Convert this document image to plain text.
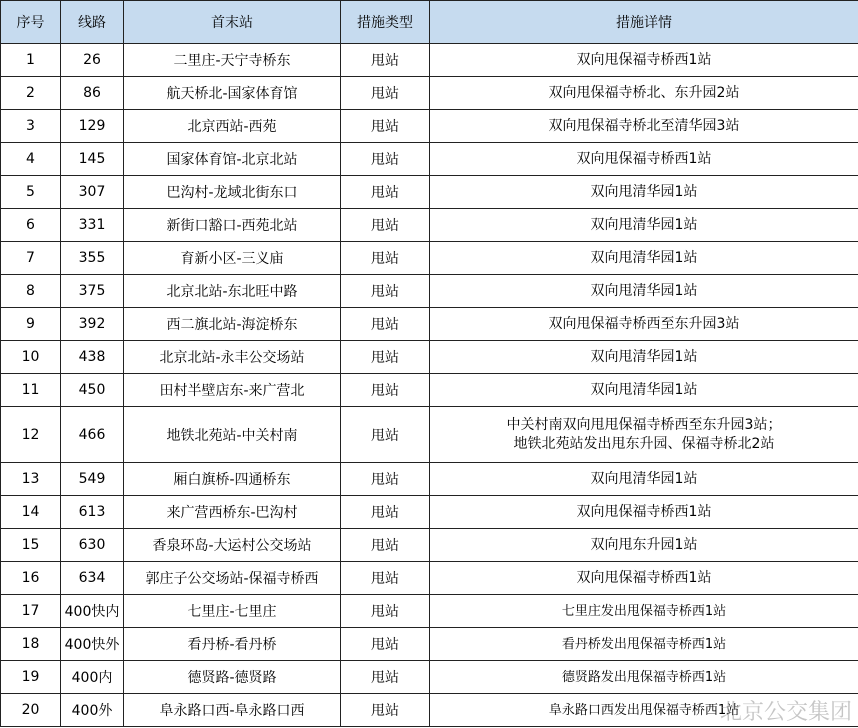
序号	线路	首末站	措施类型	措施详情
1	26	二里庄-天宁寺桥东	甩站	双向甩保福寺桥西1站
2	86	航天桥北-国家体育馆	甩站	双向甩保福寺桥北、东升园2站
3	129	北京西站-西苑	甩站	双向甩保福寺桥北至清华园3站
4	145	国家体育馆-北京北站	甩站	双向甩保福寺桥西1站
5	307	巴沟村-龙域北街东口	甩站	双向甩清华园1站
6	331	新街口豁口-西苑北站	甩站	双向甩清华园1站
7	355	育新小区-三义庙	甩站	双向甩清华园1站
8	375	北京北站-东北旺中路	甩站	双向甩清华园1站
9	392	西二旗北站-海淀桥东	甩站	双向甩保福寺桥西至东升园3站
10	438	北京北站-永丰公交场站	甩站	双向甩清华园1站
11	450	田村半壁店东-来广营北	甩站	双向甩清华园1站
12	466	地铁北苑站-中关村南	甩站	中关村南双向甩甩保福寺桥西至东升园3站；
地铁北苑站发出甩东升园、保福寺桥北2站
13	549	厢白旗桥-四通桥东	甩站	双向甩清华园1站
14	613	来广营西桥东-巴沟村	甩站	双向甩保福寺桥西1站
15	630	香泉环岛-大运村公交场站	甩站	双向甩东升园1站
16	634	郭庄子公交场站-保福寺桥西	甩站	双向甩保福寺桥西1站
17	400快内	七里庄-七里庄	甩站	七里庄发出甩保福寺桥西1站
18	400快外	看丹桥-看丹桥	甩站	看丹桥发出甩保福寺桥西1站
19	400内	德贤路-德贤路	甩站	德贤路发出甩保福寺桥西1站
20	400外	阜永路口西-阜永路口西	甩站	阜永路口西发出甩保福寺桥西1站
北京公交集团
